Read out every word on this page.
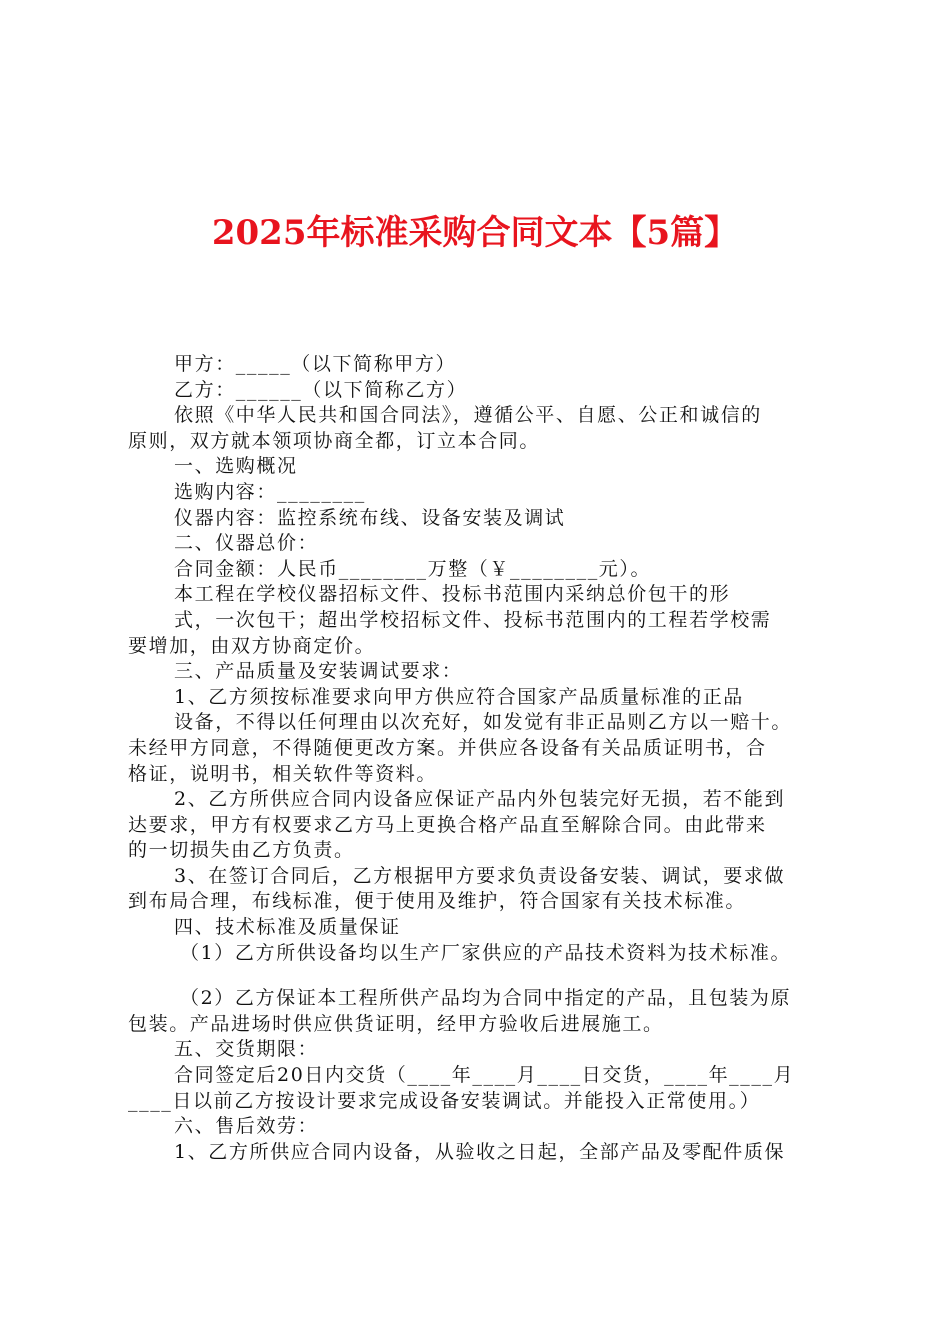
2025年标准采购合同文本【5篇】

甲方：_____（以下简称甲方）

乙方：______（以下简称乙方）

依照《中华人民共和国合同法》，遵循公平、自愿、公正和诚信的

原则，双方就本领项协商全都，订立本合同。

一、选购概况

选购内容：________

仪器内容：监控系统布线、设备安装及调试

二、仪器总价：

合同金额：人民币________万整（￥________元）。

本工程在学校仪器招标文件、投标书范围内采纳总价包干的形

式，一次包干；超出学校招标文件、投标书范围内的工程若学校需

要增加，由双方协商定价。

三、产品质量及安装调试要求：

1、乙方须按标准要求向甲方供应符合国家产品质量标准的正品

设备，不得以任何理由以次充好，如发觉有非正品则乙方以一赔十。

未经甲方同意，不得随便更改方案。并供应各设备有关品质证明书，合

格证，说明书，相关软件等资料。

2、乙方所供应合同内设备应保证产品内外包装完好无损，若不能到

达要求，甲方有权要求乙方马上更换合格产品直至解除合同。由此带来

的一切损失由乙方负责。

3、在签订合同后，乙方根据甲方要求负责设备安装、调试，要求做

到布局合理，布线标准，便于使用及维护，符合国家有关技术标准。

四、技术标准及质量保证

（1）乙方所供设备均以生产厂家供应的产品技术资料为技术标准。

（2）乙方保证本工程所供产品均为合同中指定的产品，且包装为原

包装。产品进场时供应供货证明，经甲方验收后进展施工。

五、交货期限：

合同签定后20日内交货（____年____月____日交货，____年____月

____日以前乙方按设计要求完成设备安装调试。并能投入正常使用。）

六、售后效劳：

1、乙方所供应合同内设备，从验收之日起，全部产品及零配件质保
